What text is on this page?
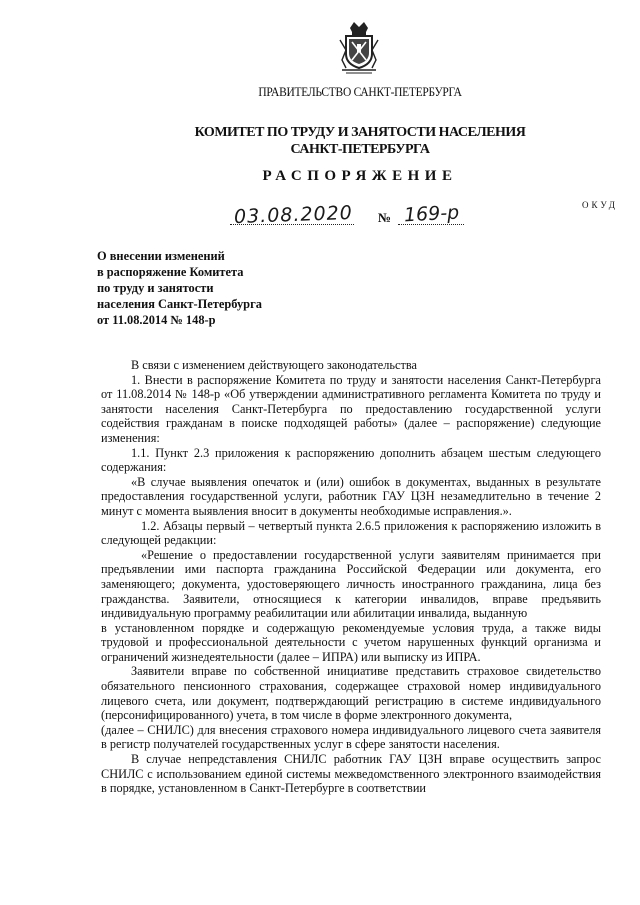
ПРАВИТЕЛЬСТВО САНКТ-ПЕТЕРБУРГА
КОМИТЕТ ПО ТРУДУ И ЗАНЯТОСТИ НАСЕЛЕНИЯ
САНКТ-ПЕТЕРБУРГА
РАСПОРЯЖЕНИЕ
ОКУД
03.08.2020 № 169-р
О внесении изменений
в распоряжение Комитета
по труду и занятости
населения Санкт-Петербурга
от 11.08.2014 № 148-р

В связи с изменением действующего законодательства

1. Внести в распоряжение Комитета по труду и занятости населения Санкт-Петербурга от 11.08.2014 № 148-р «Об утверждении административного регламента Комитета по труду и занятости населения Санкт-Петербурга по предоставлению государственной услуги содействия гражданам в поиске подходящей работы» (далее – распоряжение) следующие изменения:

1.1. Пункт 2.3 приложения к распоряжению дополнить абзацем шестым следующего содержания:

«В случае выявления опечаток и (или) ошибок в документах, выданных в результате предоставления государственной услуги, работник ГАУ ЦЗН незамедлительно в течение 2 минут с момента выявления вносит в документы необходимые исправления.».

1.2. Абзацы первый – четвертый пункта 2.6.5 приложения к распоряжению изложить в следующей редакции:

«Решение о предоставлении государственной услуги заявителям принимается при предъявлении ими паспорта гражданина Российской Федерации или документа, его заменяющего; документа, удостоверяющего личность иностранного гражданина, лица без гражданства. Заявители, относящиеся к категории инвалидов, вправе предъявить индивидуальную программу реабилитации или абилитации инвалида, выданную

в установленном порядке и содержащую рекомендуемые условия труда, а также виды трудовой и профессиональной деятельности с учетом нарушенных функций организма и ограничений жизнедеятельности (далее – ИПРА) или выписку из ИПРА.

Заявители вправе по собственной инициативе представить страховое свидетельство обязательного пенсионного страхования, содержащее страховой номер индивидуального лицевого счета, или документ, подтверждающий регистрацию в системе индивидуального (персонифицированного) учета, в том числе в форме электронного документа,

(далее – СНИЛС) для внесения страхового номера индивидуального лицевого счета заявителя в регистр получателей государственных услуг в сфере занятости населения.

В случае непредставления СНИЛС работник ГАУ ЦЗН вправе осуществить запрос СНИЛС с использованием единой системы межведомственного электронного взаимодействия в порядке, установленном в Санкт-Петербурге в соответствии
